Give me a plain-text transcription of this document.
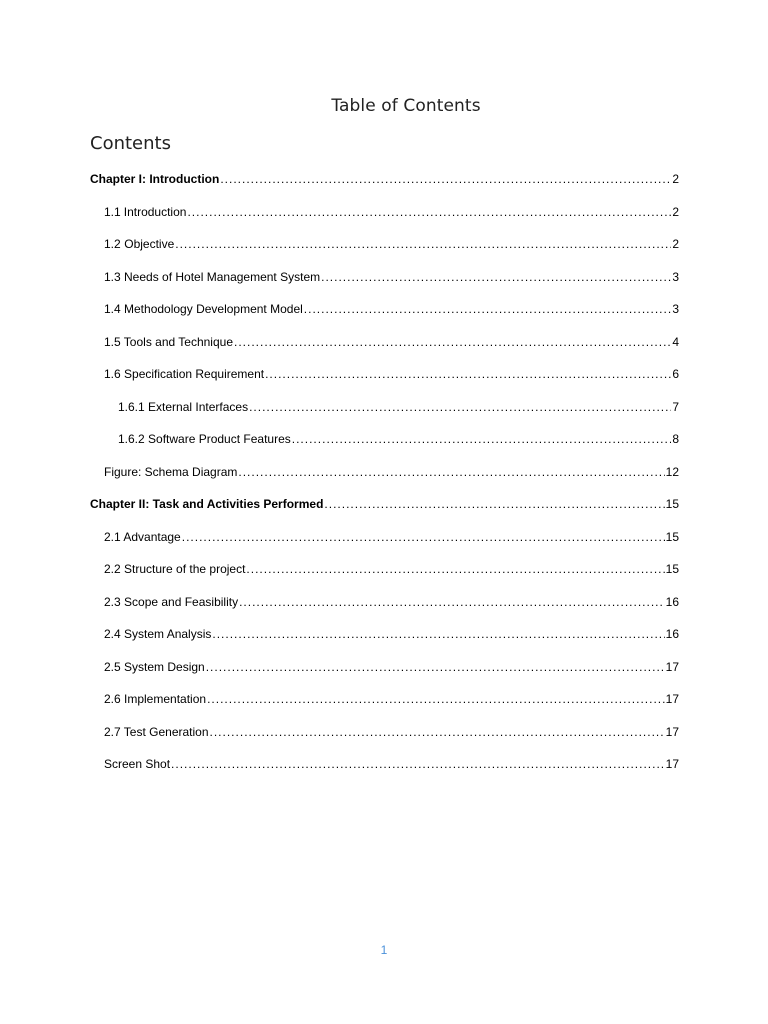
Table of Contents
Contents
Chapter I: Introduction .....	2
1.1 Introduction .....	2
1.2 Objective .....	2
1.3 Needs of Hotel Management System .....	3
1.4 Methodology Development Model .....	3
1.5 Tools and Technique .....	4
1.6 Specification Requirement .....	6
1.6.1 External Interfaces .....	7
1.6.2 Software Product Features .....	8
Figure: Schema Diagram .....	12
Chapter II: Task and Activities Performed .....	15
2.1 Advantage .....	15
2.2 Structure of the project .....	15
2.3 Scope and Feasibility .....	16
2.4 System Analysis .....	16
2.5 System Design .....	17
2.6 Implementation .....	17
2.7 Test Generation .....	17
Screen Shot .....	17
1
